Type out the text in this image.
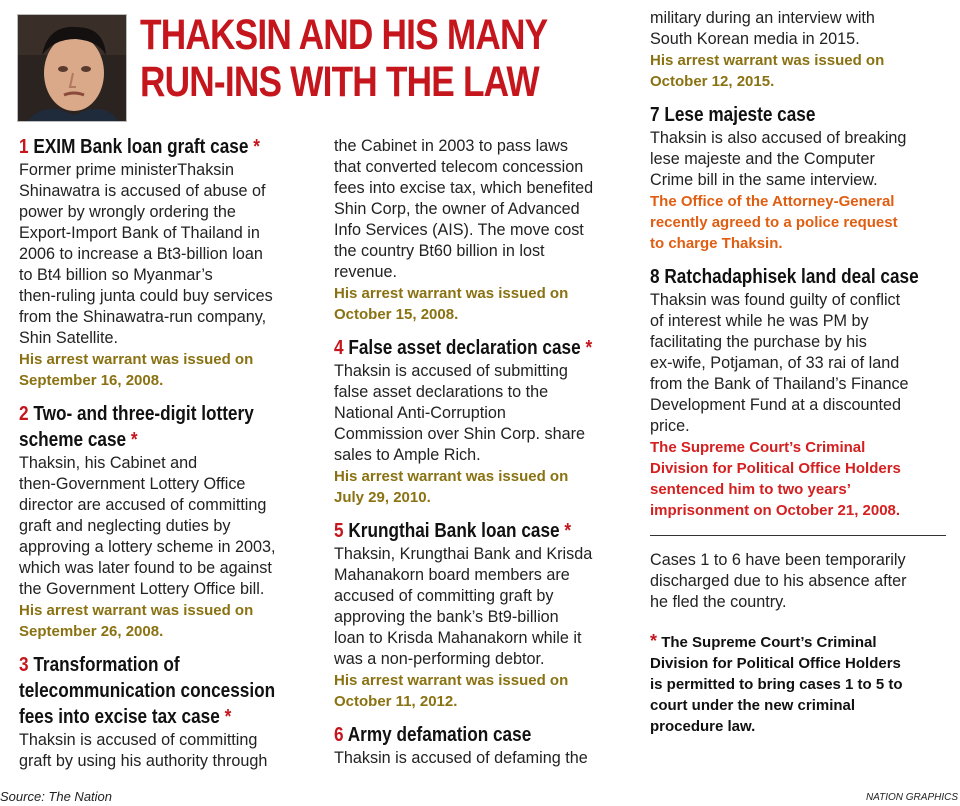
THAKSIN AND HIS MANY
RUN-INS WITH THE LAW
1 EXIM Bank loan graft case *
Former prime ministerThaksin
Shinawatra is accused of abuse of
power by wrongly ordering the
Export-Import Bank of Thailand in
2006 to increase a Bt3-billion loan
to Bt4 billion so Myanmar’s
then-ruling junta could buy services
from the Shinawatra-run company,
Shin Satellite.
His arrest warrant was issued on
September 16, 2008.
2 Two- and three-digit lottery
scheme case *
Thaksin, his Cabinet and
then-Government Lottery Office
director are accused of committing
graft and neglecting duties by
approving a lottery scheme in 2003,
which was later found to be against
the Government Lottery Office bill.
His arrest warrant was issued on
September 26, 2008.
3 Transformation of
telecommunication concession
fees into excise tax case *
Thaksin is accused of committing
graft by using his authority through
the Cabinet in 2003 to pass laws
that converted telecom concession
fees into excise tax, which benefited
Shin Corp, the owner of Advanced
Info Services (AIS). The move cost
the country Bt60 billion in lost
revenue.
His arrest warrant was issued on
October 15, 2008.
4 False asset declaration case *
Thaksin is accused of submitting
false asset declarations to the
National Anti-Corruption
Commission over Shin Corp. share
sales to Ample Rich.
His arrest warrant was issued on
July 29, 2010.
5 Krungthai Bank loan case *
Thaksin, Krungthai Bank and Krisda
Mahanakorn board members are
accused of committing graft by
approving the bank’s Bt9-billion
loan to Krisda Mahanakorn while it
was a non-performing debtor.
His arrest warrant was issued on
October 11, 2012.
6 Army defamation case
Thaksin is accused of defaming the
military during an interview with
South Korean media in 2015.
His arrest warrant was issued on
October 12, 2015.
7 Lese majeste case
Thaksin is also accused of breaking
lese majeste and the Computer
Crime bill in the same interview.
The Office of the Attorney-General
recently agreed to a police request
to charge Thaksin.
8 Ratchadaphisek land deal case
Thaksin was found guilty of conflict
of interest while he was PM by
facilitating the purchase by his
ex-wife, Potjaman, of 33 rai of land
from the Bank of Thailand’s Finance
Development Fund at a discounted
price.
The Supreme Court’s Criminal
Division for Political Office Holders
sentenced him to two years’
imprisonment on October 21, 2008.
Cases 1 to 6 have been temporarily
discharged due to his absence after
he fled the country.
* The Supreme Court’s Criminal
Division for Political Office Holders
is permitted to bring cases 1 to 5 to
court under the new criminal
procedure law.
Source: The Nation	NATION GRAPHICS
